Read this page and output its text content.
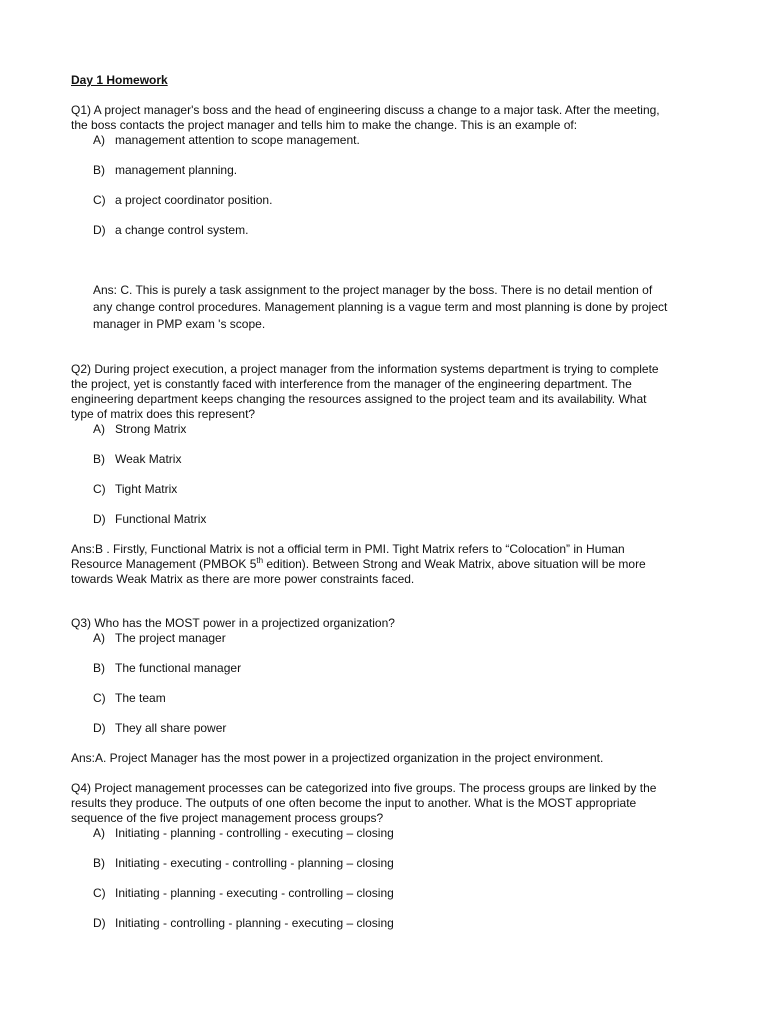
Day 1 Homework
Q1) A project manager's boss and the head of engineering discuss a change to a major task. After the meeting,
the boss contacts the project manager and tells him to make the change. This is an example of:
A) management attention to scope management.
B) management planning.
C) a project coordinator position.
D) a change control system.
Ans: C. This is purely a task assignment to the project manager by the boss. There is no detail mention of
any change control procedures. Management planning is a vague term and most planning is done by project
manager in PMP exam 's scope.
Q2) During project execution, a project manager from the information systems department is trying to complete
the project, yet is constantly faced with interference from the manager of the engineering department. The
engineering department keeps changing the resources assigned to the project team and its availability. What
type of matrix does this represent?
A) Strong Matrix
B) Weak Matrix
C) Tight Matrix
D) Functional Matrix
Ans:B . Firstly, Functional Matrix is not a official term in PMI. Tight Matrix refers to “Colocation” in Human
Resource Management (PMBOK 5th edition). Between Strong and Weak Matrix, above situation will be more
towards Weak Matrix as there are more power constraints faced.
Q3) Who has the MOST power in a projectized organization?
A) The project manager
B) The functional manager
C) The team
D) They all share power
Ans:A. Project Manager has the most power in a projectized organization in the project environment.
Q4) Project management processes can be categorized into five groups. The process groups are linked by the
results they produce. The outputs of one often become the input to another. What is the MOST appropriate
sequence of the five project management process groups?
A) Initiating - planning - controlling - executing – closing
B) Initiating - executing - controlling - planning – closing
C) Initiating - planning - executing - controlling – closing
D) Initiating - controlling - planning - executing – closing
